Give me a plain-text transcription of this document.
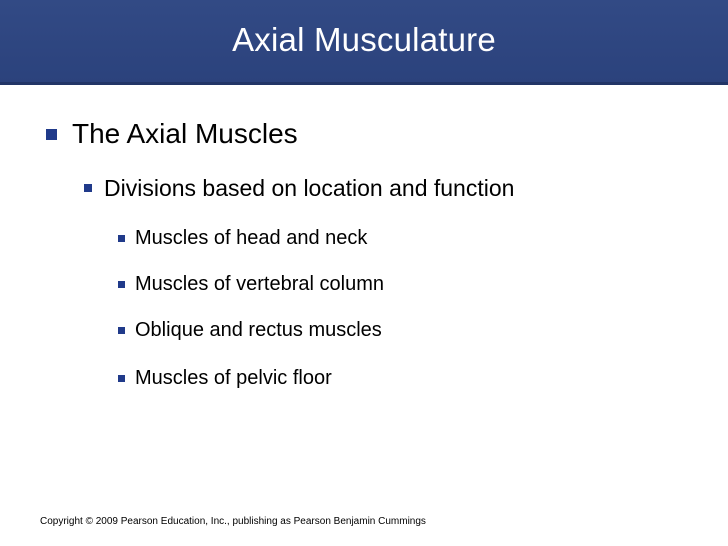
Axial Musculature
The Axial Muscles
Divisions based on location and function
Muscles of head and neck
Muscles of vertebral column
Oblique and rectus muscles
Muscles of pelvic floor
Copyright © 2009 Pearson Education, Inc., publishing as Pearson Benjamin Cummings
